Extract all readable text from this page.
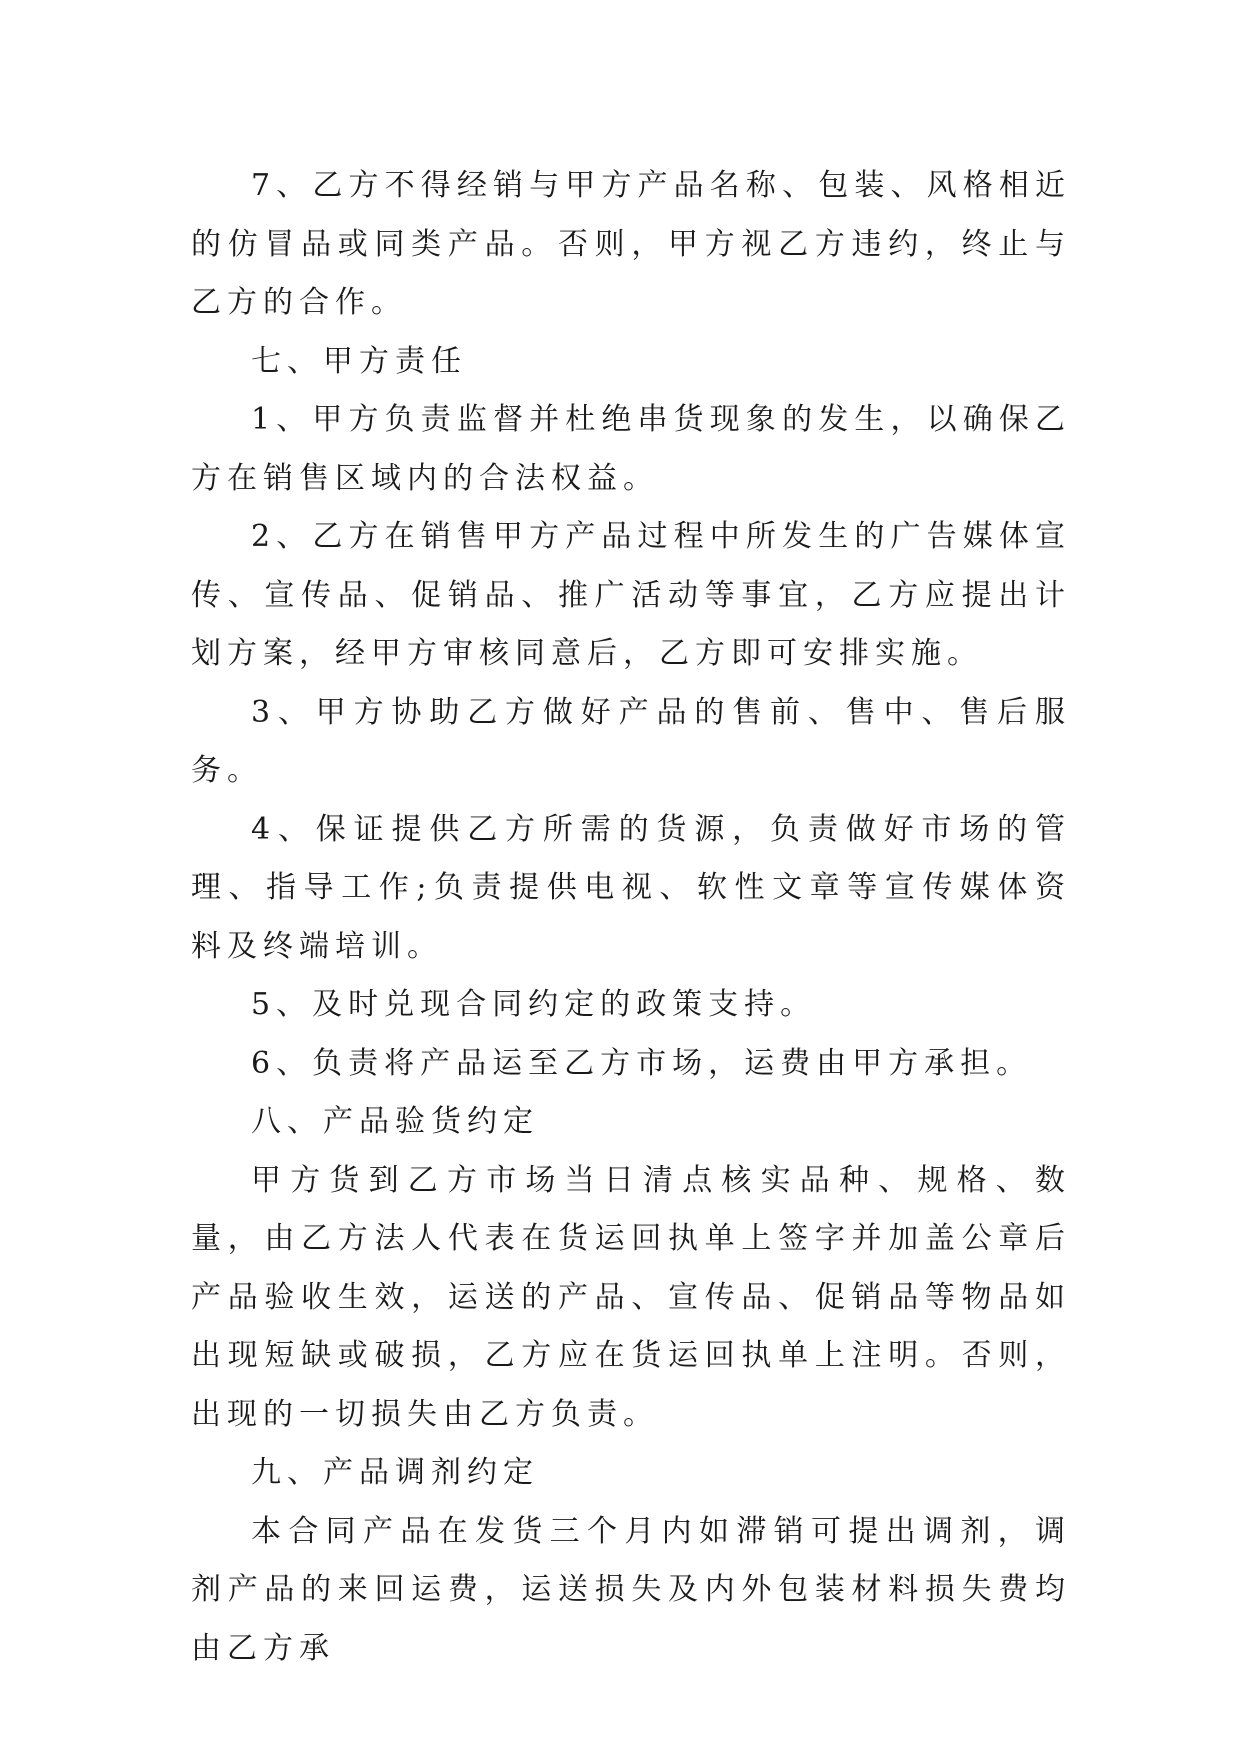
7、乙方不得经销与甲方产品名称、包装、风格相近的仿冒品或同类产品。否则，甲方视乙方违约，终止与乙方的合作。

七、甲方责任

1、甲方负责监督并杜绝串货现象的发生，以确保乙方在销售区域内的合法权益。

2、乙方在销售甲方产品过程中所发生的广告媒体宣传、宣传品、促销品、推广活动等事宜，乙方应提出计划方案，经甲方审核同意后，乙方即可安排实施。

3、甲方协助乙方做好产品的售前、售中、售后服务。

4、保证提供乙方所需的货源，负责做好市场的管理、指导工作;负责提供电视、软性文章等宣传媒体资料及终端培训。

5、及时兑现合同约定的政策支持。

6、负责将产品运至乙方市场，运费由甲方承担。

八、产品验货约定

甲方货到乙方市场当日清点核实品种、规格、数量，由乙方法人代表在货运回执单上签字并加盖公章后产品验收生效，运送的产品、宣传品、促销品等物品如出现短缺或破损，乙方应在货运回执单上注明。否则，出现的一切损失由乙方负责。

九、产品调剂约定

本合同产品在发货三个月内如滞销可提出调剂，调剂产品的来回运费，运送损失及内外包装材料损失费均由乙方承
